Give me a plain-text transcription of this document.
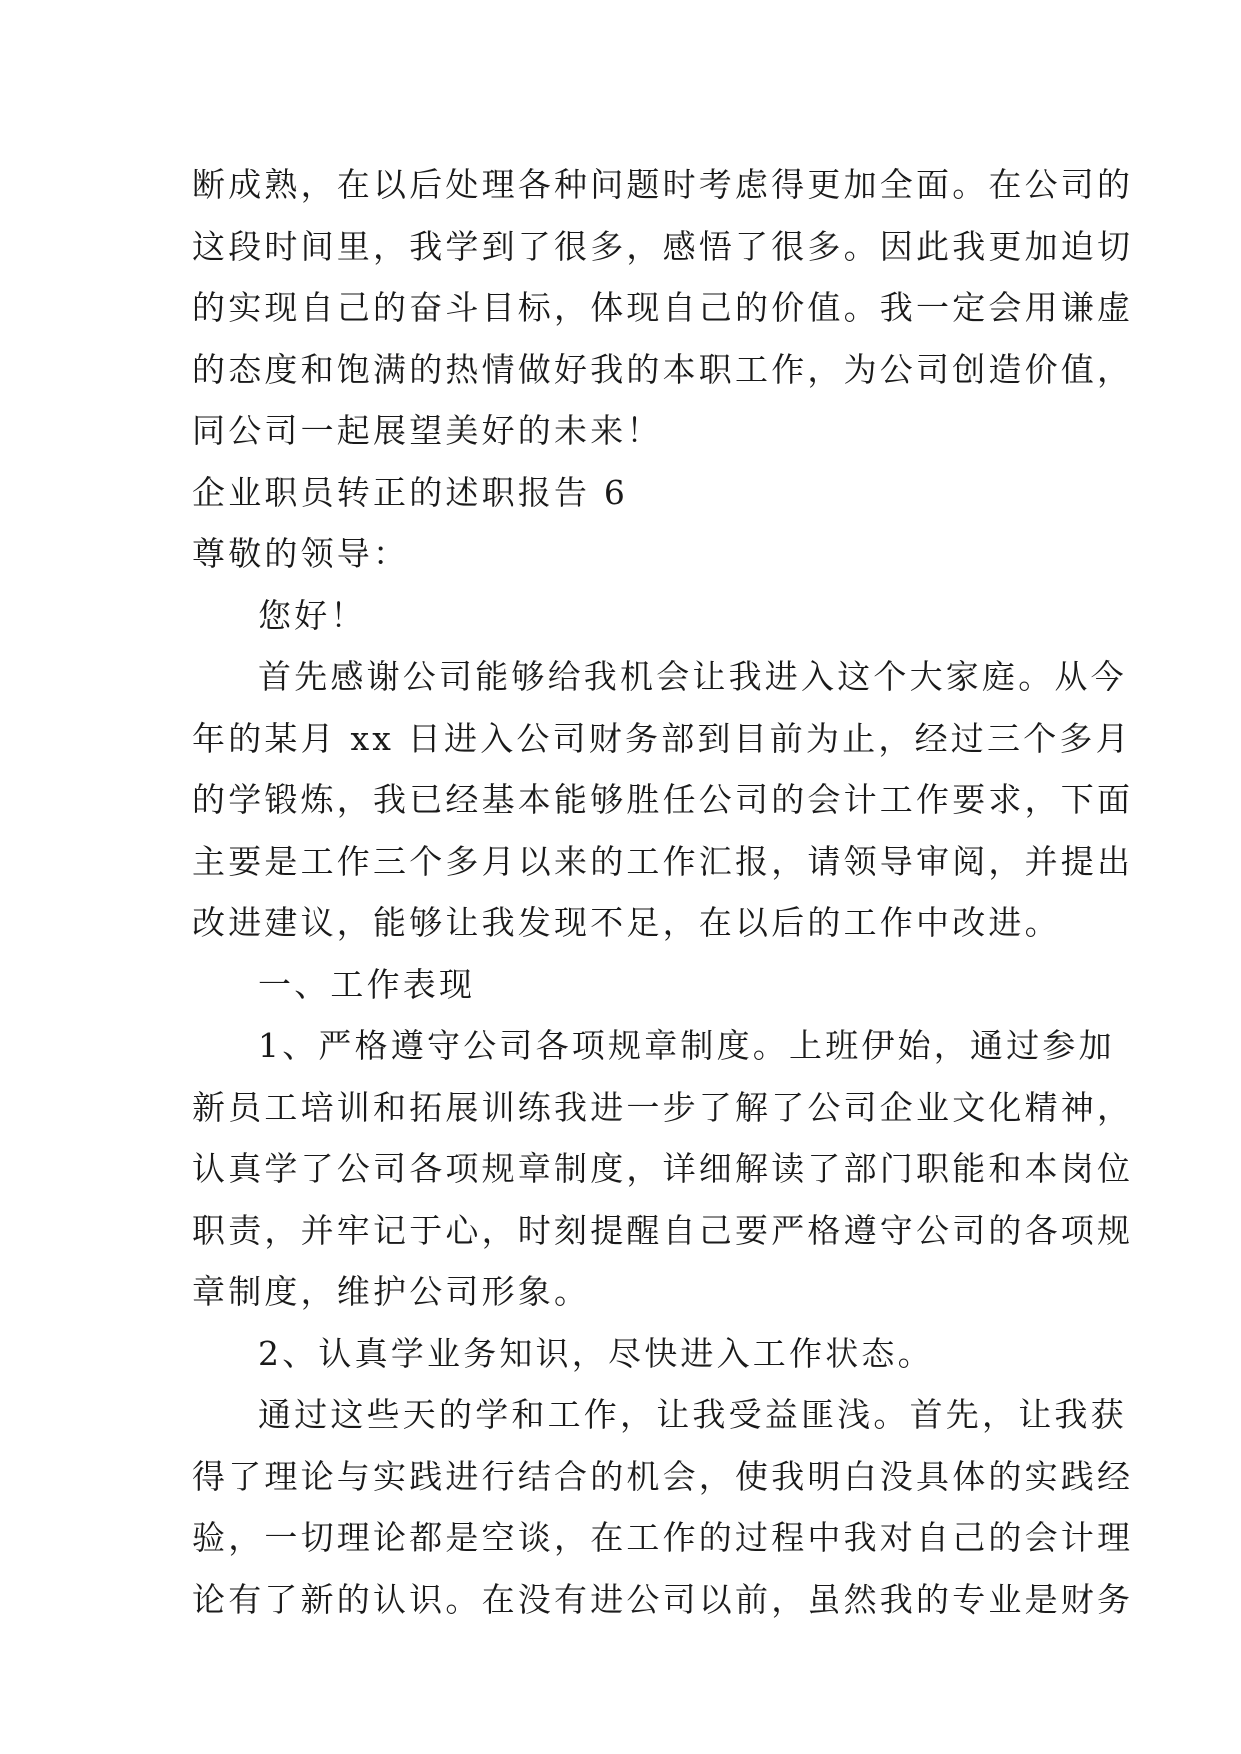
断成熟，在以后处理各种问题时考虑得更加全面。在公司的
这段时间里，我学到了很多，感悟了很多。因此我更加迫切
的实现自己的奋斗目标，体现自己的价值。我一定会用谦虚
的态度和饱满的热情做好我的本职工作，为公司创造价值，
同公司一起展望美好的未来！
企业职员转正的述职报告 6
尊敬的领导：
您好！
首先感谢公司能够给我机会让我进入这个大家庭。从今
年的某月 xx 日进入公司财务部到目前为止，经过三个多月
的学锻炼，我已经基本能够胜任公司的会计工作要求，下面
主要是工作三个多月以来的工作汇报，请领导审阅，并提出
改进建议，能够让我发现不足，在以后的工作中改进。
一、工作表现
1、严格遵守公司各项规章制度。上班伊始，通过参加
新员工培训和拓展训练我进一步了解了公司企业文化精神，
认真学了公司各项规章制度，详细解读了部门职能和本岗位
职责，并牢记于心，时刻提醒自己要严格遵守公司的各项规
章制度，维护公司形象。
2、认真学业务知识，尽快进入工作状态。
通过这些天的学和工作，让我受益匪浅。首先，让我获
得了理论与实践进行结合的机会，使我明白没具体的实践经
验，一切理论都是空谈，在工作的过程中我对自己的会计理
论有了新的认识。在没有进公司以前，虽然我的专业是财务
